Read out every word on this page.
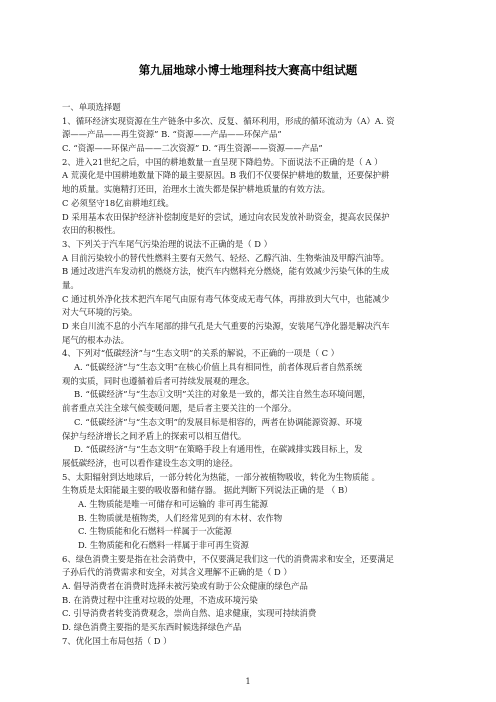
第九届地球小博士地理科技大赛高中组试题
一、单项选择题
1、循环经济实现资源在生产链条中多次、反复、循环利用，形成的循环流动为（A）A. 资
源——产品——再生资源” B. “资源——产品——环保产品”
C. “资源——环保产品——二次资源” D. “再生资源——资源——产品”
2、进入21世纪之后，中国的耕地数量一直呈现下降趋势。下面说法不正确的是（ A ）
A 荒漠化是中国耕地数量下降的最主要原因。B 我们不仅要保护耕地的数量，还要保护耕
地的质量。实施精打还田，治理水土流失都是保护耕地质量的有效方法。
C 必须坚守18亿亩耕地红线。
D 采用基本农田保护经济补偿制度是好的尝试，通过向农民发放补助资金，提高农民保护
农田的积极性。
3、下列关于汽车尾气污染治理的说法不正确的是（ D ）
A 目前污染较小的替代性燃料主要有天然气、轻烃、乙醇汽油、生物柴油及甲醇汽油等。
B 通过改进汽车发动机的燃烧方法，使汽车内燃料充分燃烧，能有效减少污染气体的生成
量。
C 通过机外净化技术把汽车尾气由原有毒气体变成无毒气体，再排放到大气中，也能减少
对大气环境的污染。
D 来自川流不息的小汽车尾部的排气孔是大气重要的污染源，安装尾气净化器是解决汽车
尾气的根本办法。
4、下列对“低碳经济”与“生态文明”的关系的解说，不正确的一项是（ C ）
A. “低碳经济”与“生态文明”在核心价值上具有相同性，前者体现后者自然系统
观的实质，同时也遵循着后者可持续发展观的理念。
B. “低碳经济”与“生态①文明”关注的对象是一致的，都关注自然生态环境问题，
前者重点关注全球气候变暖问题，是后者主要关注的一个部分。
C. “低碳经济”与“生态文明”的发展目标是相容的，两者在协调能源资源、环境
保护与经济增长之间矛盾上的探索可以相互借代。
D. “低碳经济”与“生态文明”在策略手段上有通用性，在碳减排实践目标上，发
展低碳经济，也可以看作建设生态文明的途径。
5、太阳辐射到达地球后，一部分转化为热能，一部分被植物吸收，转化为生物质能 。
生物质是太阳能最主要的吸收器和储存器。 据此判断下列说法正确的是 （ B）
A. 生物质能是唯一可储存和可运输的 非可再生能源
B. 生物质就是植物类，人们经常见到的有木材、农作物
C. 生物质能和化石燃料一样属于一次能源
D. 生物质能和化石燃料一样属于非可再生资源
6、绿色消费主要是指在社会消费中，不仅要满足我们这一代的消费需求和安全，还要满足
子孙后代的消费需求和安全，对其含义理解不正确的是（ D ）
A. 倡导消费者在消费时选择未被污染或有助于公众健康的绿色产品
B. 在消费过程中注重对垃圾的处理，不造成环境污染
C. 引导消费者转变消费观念，崇尚自然、追求健康，实现可持续消费
D. 绿色消费主要指的是买东西时候选择绿色产品
7、优化国土布局包括（ D ）
1
